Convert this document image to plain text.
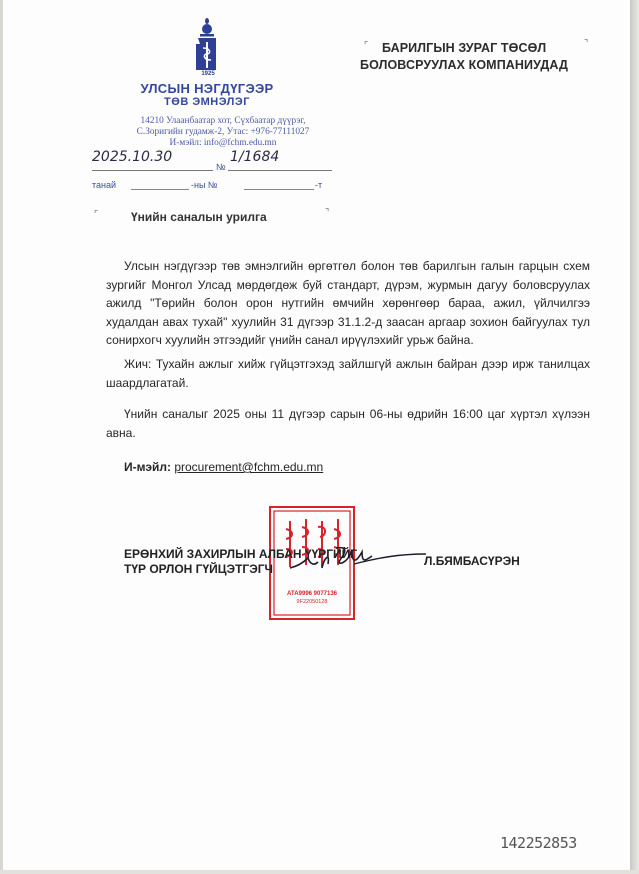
1925
УЛСЫН НЭГДҮГЭЭР
ТӨВ ЭМНЭЛЭГ
14210 Улаанбаатар хот, Сүхбаатар дүүрэг,
С.Зоригийн гудамж-2, Утас: +976-77111027
И-мэйл: info@fchm.edu.mn
2025.10.30
№
1/1684
танай	-ны №	-т
⌜	⌝
БАРИЛГЫН ЗУРАГ ТӨСӨЛ
БОЛОВСРУУЛАХ КОМПАНИУДАД
⌜	⌝
Үнийн саналын урилга
Улсын нэгдүгээр төв эмнэлгийн өргөтгөл болон төв барилгын галын гарцын схем зургийг Монгол Улсад мөрдөгдөж буй стандарт, дүрэм, журмын дагуу боловсруулах ажилд "Төрийн болон орон нутгийн өмчийн хөрөнгөөр бараа, ажил, үйлчилгээ худалдан авах тухай" хуулийн 31 дүгээр 31.1.2-д заасан аргаар зохион байгуулах тул сонирхогч хуулийн этгээдийг үнийн санал ирүүлэхийг урьж байна.
Жич: Тухайн ажлыг хийж гүйцэтгэхэд зайлшгүй ажлын байран дээр ирж танилцах шаардлагатай.
Үнийн саналыг 2025 оны 11 дүгээр сарын 06-ны өдрийн 16:00 цаг хүртэл хүлээн авна.
И-мэйл: procurement@fchm.edu.mn
АТА9996 9077136
9F22050128
ЕРӨНХИЙ ЗАХИРЛЫН АЛБАН ҮҮРГИЙГ
ТҮР ОРЛОН ГҮЙЦЭТГЭГЧ
Л.БЯМБАСҮРЭН
142252853
